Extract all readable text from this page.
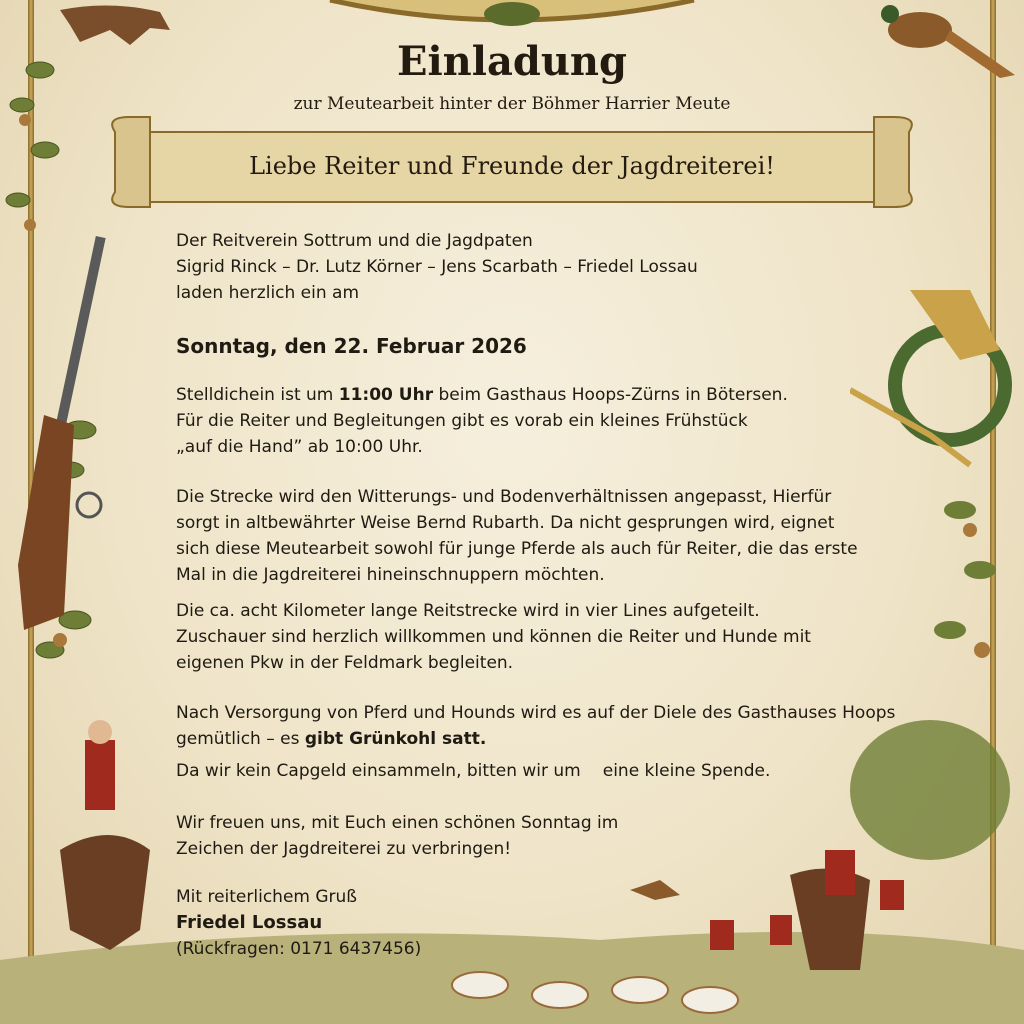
Einladung
zur Meutearbeit hinter der Böhmer Harrier Meute
Liebe Reiter und Freunde der Jagdreiterei!

Der Reitverein Sottrum und die Jagdpaten

Sigrid Rinck – Dr. Lutz Körner – Jens Scarbath – Friedel Lossau

laden herzlich ein am

Sonntag, den 22. Februar 2026

Stelldichein ist um 11:00 Uhr beim Gasthaus Hoops-Zürns in Bötersen.

Für die Reiter und Begleitungen gibt es vorab ein kleines Frühstück

„auf die Hand” ab 10:00 Uhr.

Die Strecke wird den Witterungs- und Bodenverhältnissen angepasst, Hierfür

sorgt in altbewährter Weise Bernd Rubarth. Da nicht gesprungen wird, eignet

sich diese Meutearbeit sowohl für junge Pferde als auch für Reiter, die das erste

Mal in die Jagdreiterei hineinschnuppern möchten.

Die ca. acht Kilometer lange Reitstrecke wird in vier Lines aufgeteilt.

Zuschauer sind herzlich willkommen und können die Reiter und Hunde mit

eigenen Pkw in der Feldmark begleiten.

Nach Versorgung von Pferd und Hounds wird es auf der Diele des Gasthauses Hoops

gemütlich – es gibt Grünkohl satt.

Da wir kein Capgeld einsammeln, bitten wir um eine kleine Spende.

Wir freuen uns, mit Euch einen schönen Sonntag im

Zeichen der Jagdreiterei zu verbringen!

Mit reiterlichem Gruß

Friedel Lossau

(Rückfragen: 0171 6437456)
